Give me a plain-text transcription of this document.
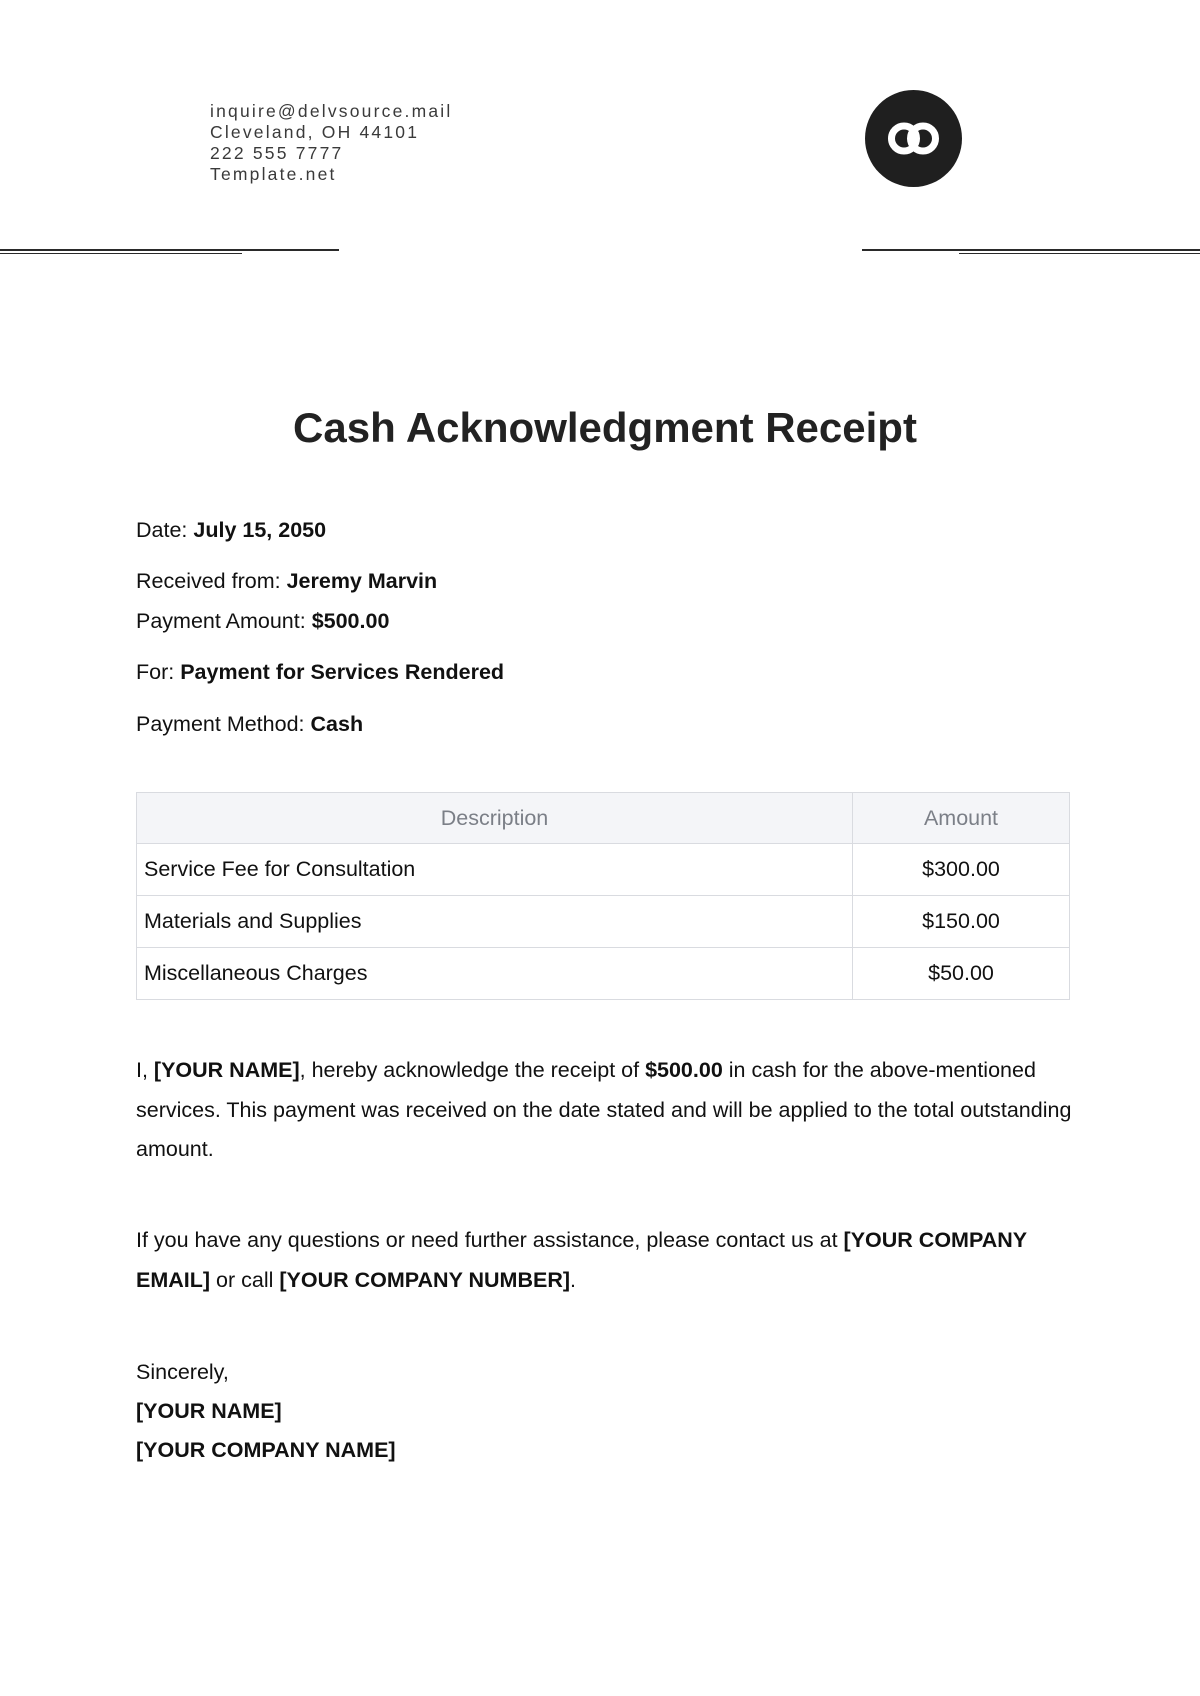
inquire@delvsource.mail
Cleveland, OH 44101
222 555 7777
Template.net
Cash Acknowledgment Receipt
Date: July 15, 2050
Received from: Jeremy Marvin
Payment Amount: $500.00
For: Payment for Services Rendered
Payment Method: Cash
Description	Amount
Service Fee for Consultation	$300.00
Materials and Supplies	$150.00
Miscellaneous Charges	$50.00

I, [YOUR NAME], hereby acknowledge the receipt of $500.00 in cash for the above-mentioned services. This payment was received on the date stated and will be applied to the total outstanding amount.

If you have any questions or need further assistance, please contact us at [YOUR COMPANY EMAIL] or call [YOUR COMPANY NUMBER].

Sincerely,
[YOUR NAME]
[YOUR COMPANY NAME]
